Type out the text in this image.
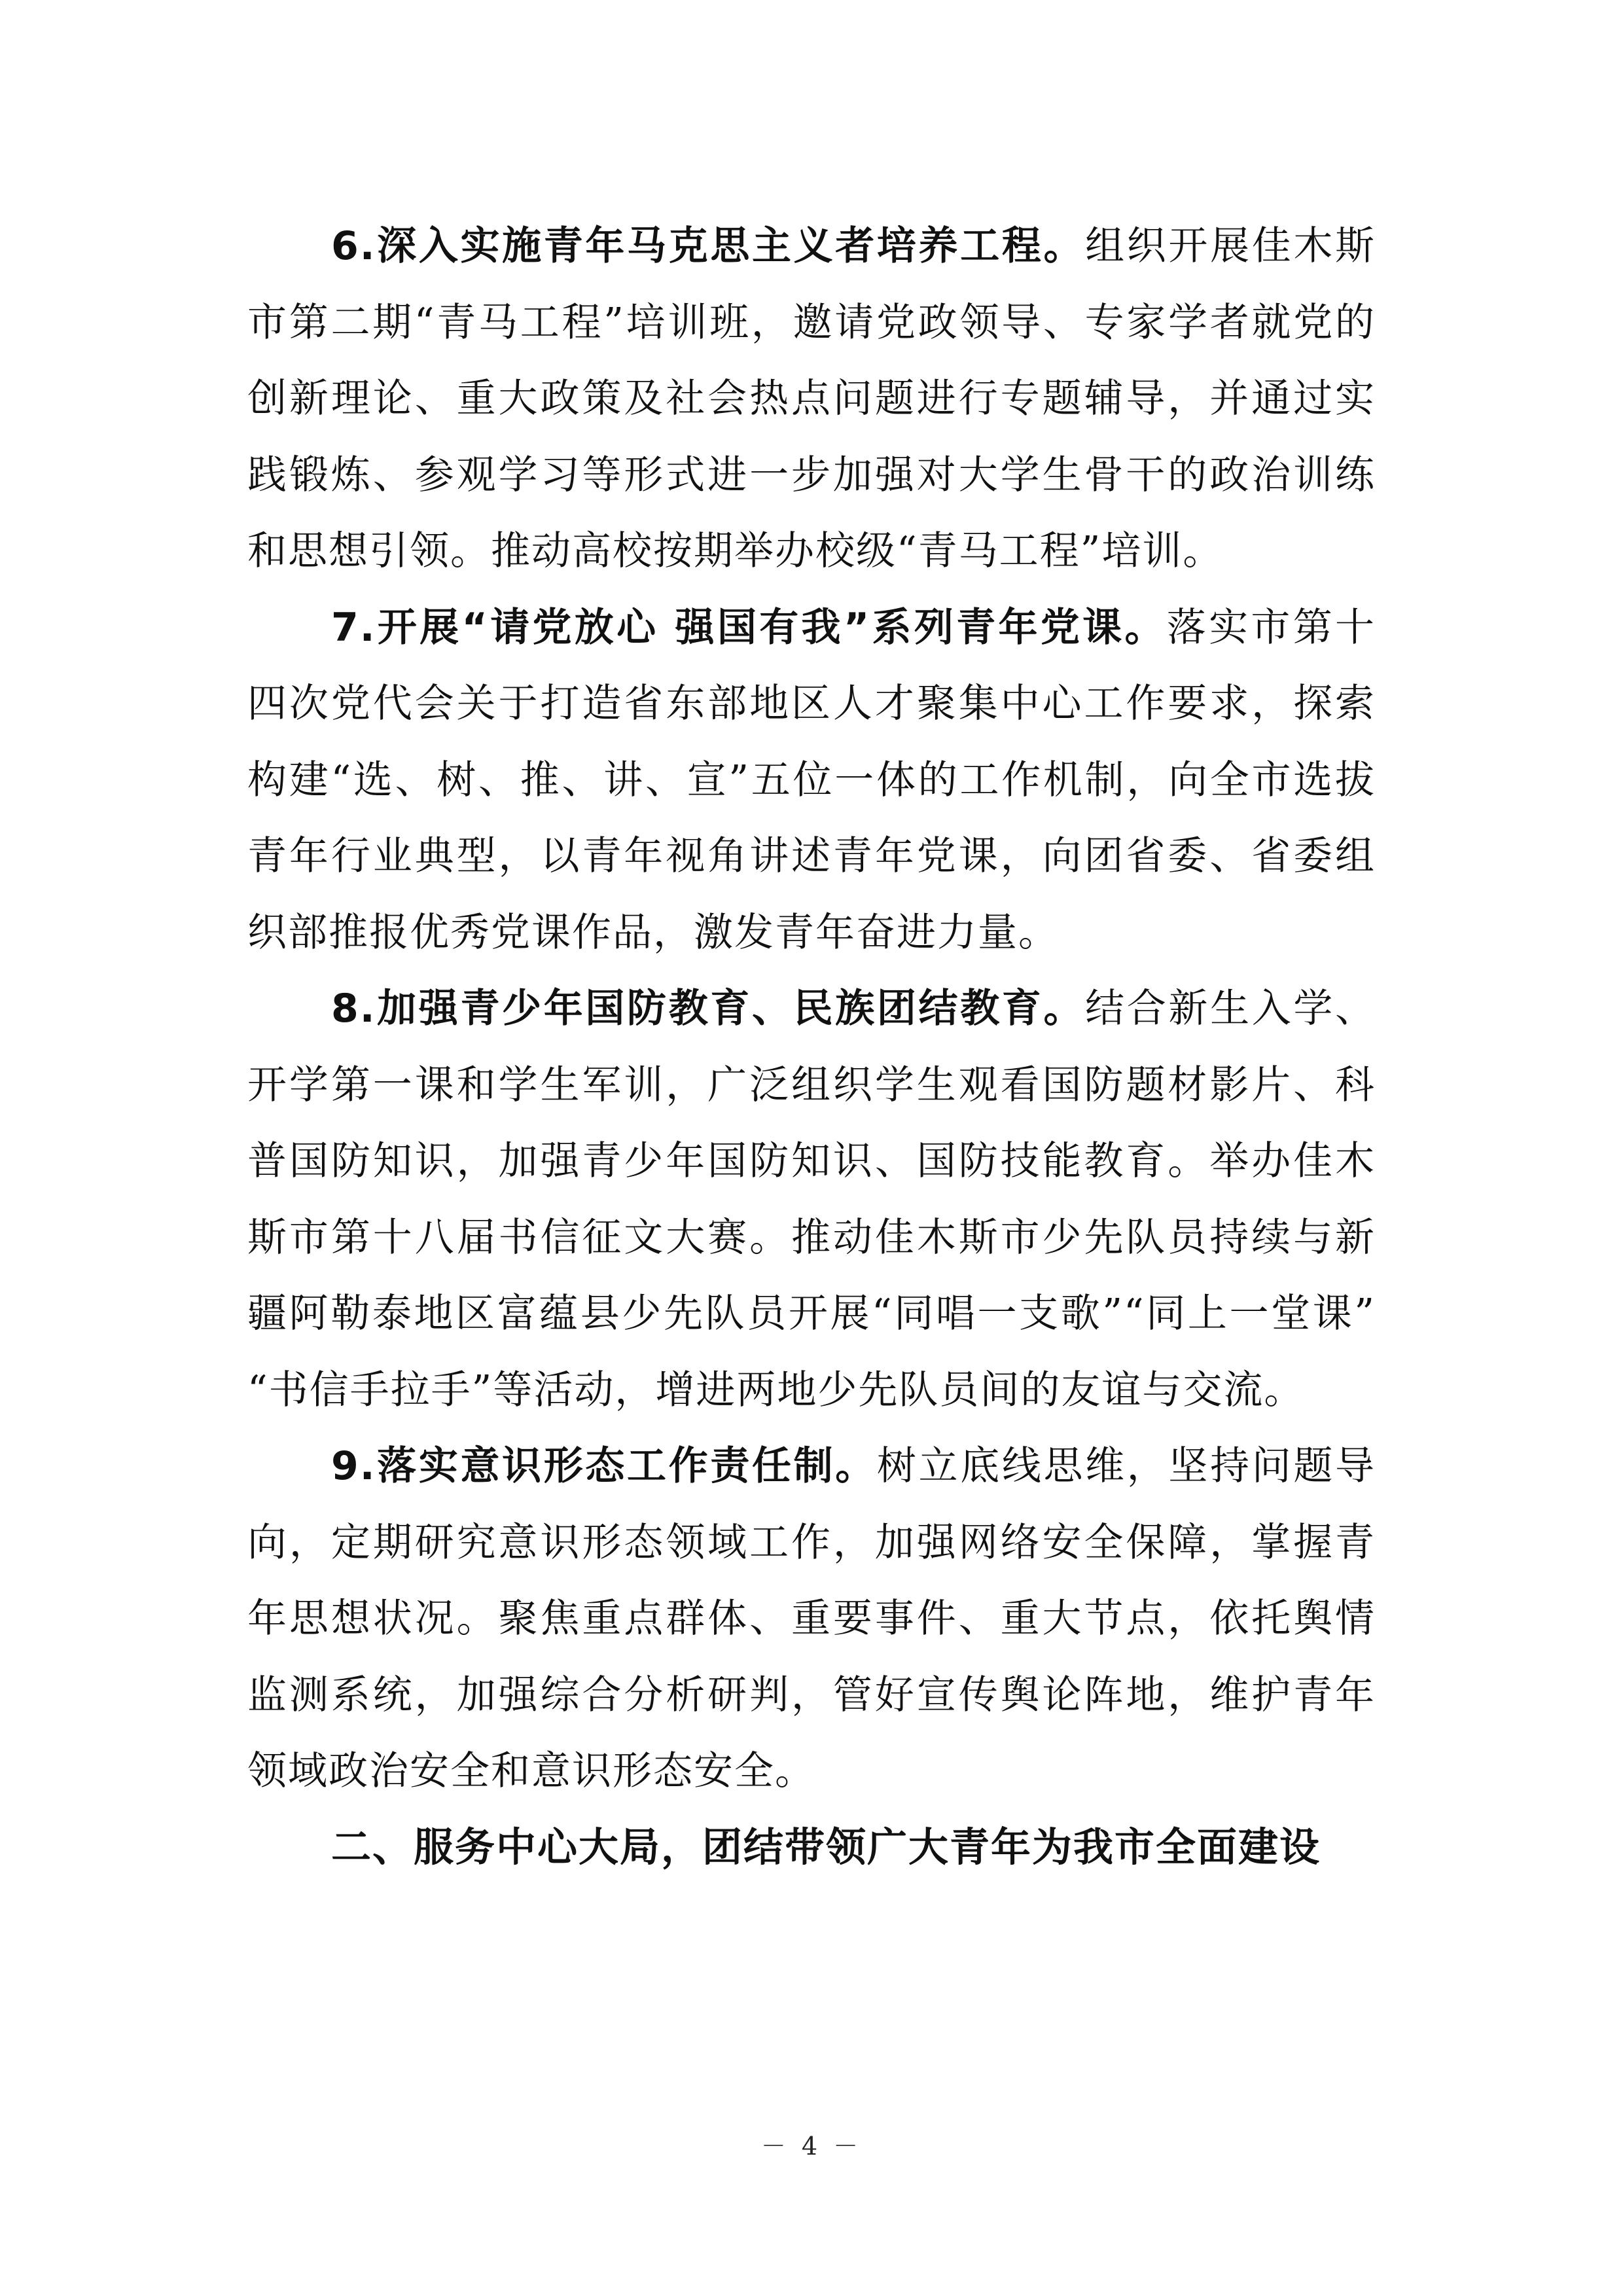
6.深入实施青年马克思主义者培养工程。组织开展佳木斯市第二期“青马工程”培训班，邀请党政领导、专家学者就党的创新理论、重大政策及社会热点问题进行专题辅导，并通过实践锻炼、参观学习等形式进一步加强对大学生骨干的政治训练和思想引领。推动高校按期举办校级“青马工程”培训。

7.开展“请党放心 强国有我”系列青年党课。落实市第十四次党代会关于打造省东部地区人才聚集中心工作要求，探索构建“选、树、推、讲、宣”五位一体的工作机制，向全市选拔青年行业典型，以青年视角讲述青年党课，向团省委、省委组织部推报优秀党课作品，激发青年奋进力量。

8.加强青少年国防教育、民族团结教育。结合新生入学、开学第一课和学生军训，广泛组织学生观看国防题材影片、科普国防知识，加强青少年国防知识、国防技能教育。举办佳木斯市第十八届书信征文大赛。推动佳木斯市少先队员持续与新疆阿勒泰地区富蕴县少先队员开展“同唱一支歌”“同上一堂课” “书信手拉手”等活动，增进两地少先队员间的友谊与交流。

9.落实意识形态工作责任制。树立底线思维，坚持问题导向，定期研究意识形态领域工作，加强网络安全保障，掌握青年思想状况。聚焦重点群体、重要事件、重大节点，依托舆情监测系统，加强综合分析研判，管好宣传舆论阵地，维护青年领域政治安全和意识形态安全。

二、服务中心大局，团结带领广大青年为我市全面建设

－ 4 －
